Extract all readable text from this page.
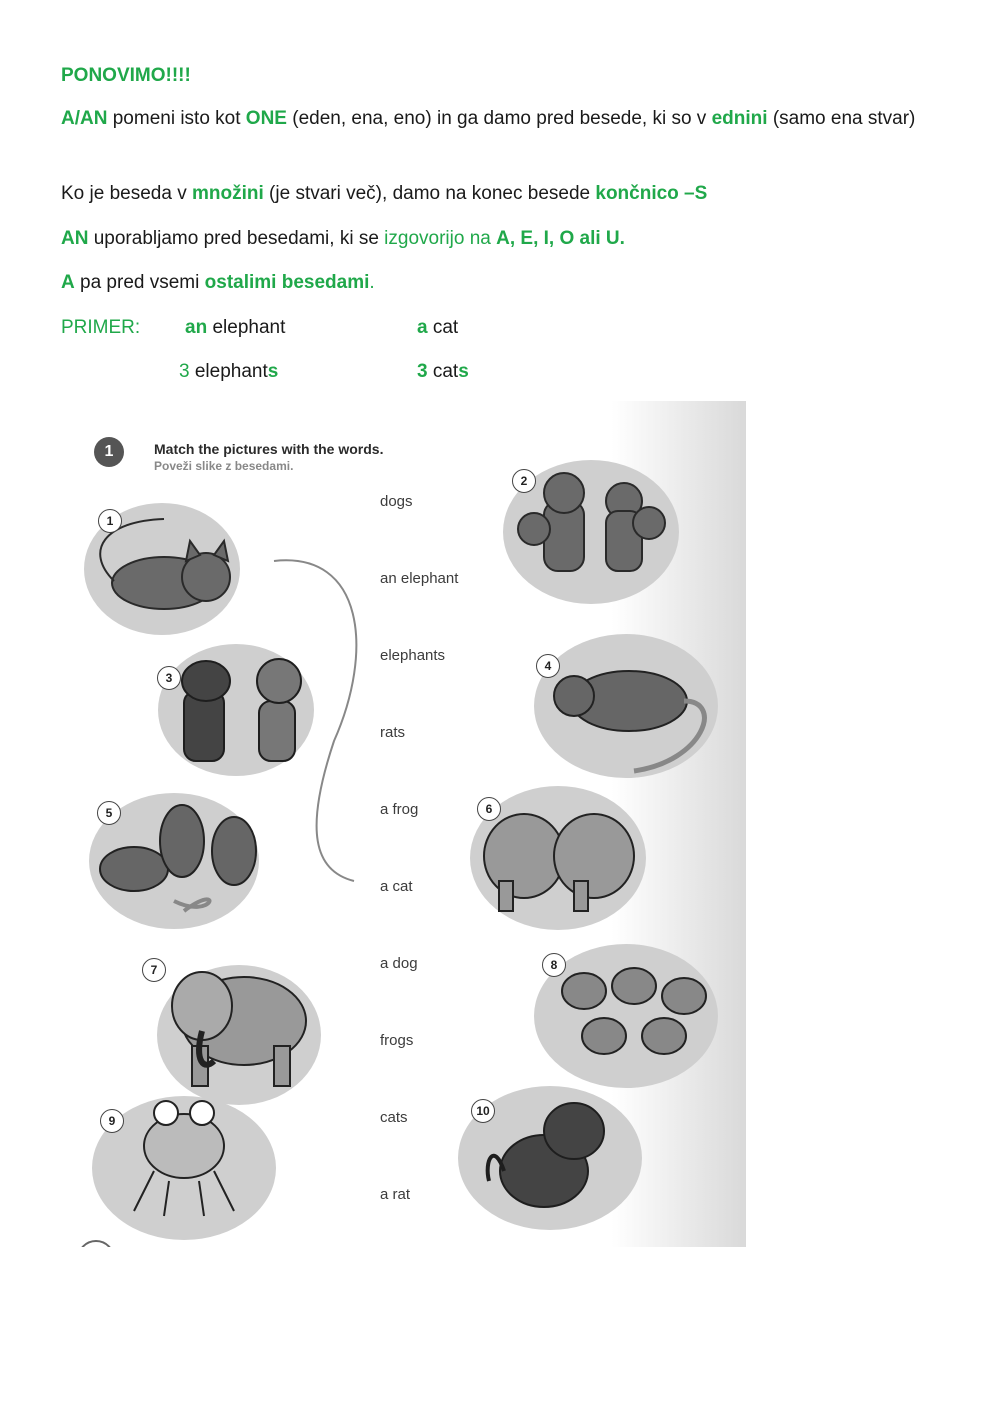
PONOVIMO!!!!
A/AN pomeni isto kot ONE (eden, ena, eno) in ga damo pred besede, ki so v ednini (samo ena stvar)
Ko je beseda v množini (je stvari več), damo na konec besede končnico –S
AN uporabljamo pred besedami, ki se izgovorijo na A, E, I, O ali U.
A pa pred vsemi ostalimi besedami.
PRIMER: an elephant	a cat
3 elephants	3 cats
1	Match the pictures with the words.
Poveži slike z besedami.
dogs
an elephant
elephants
rats
a frog
a cat
a dog
frogs
cats
a rat
1
2
3
4
5	6
7	8
9
10
